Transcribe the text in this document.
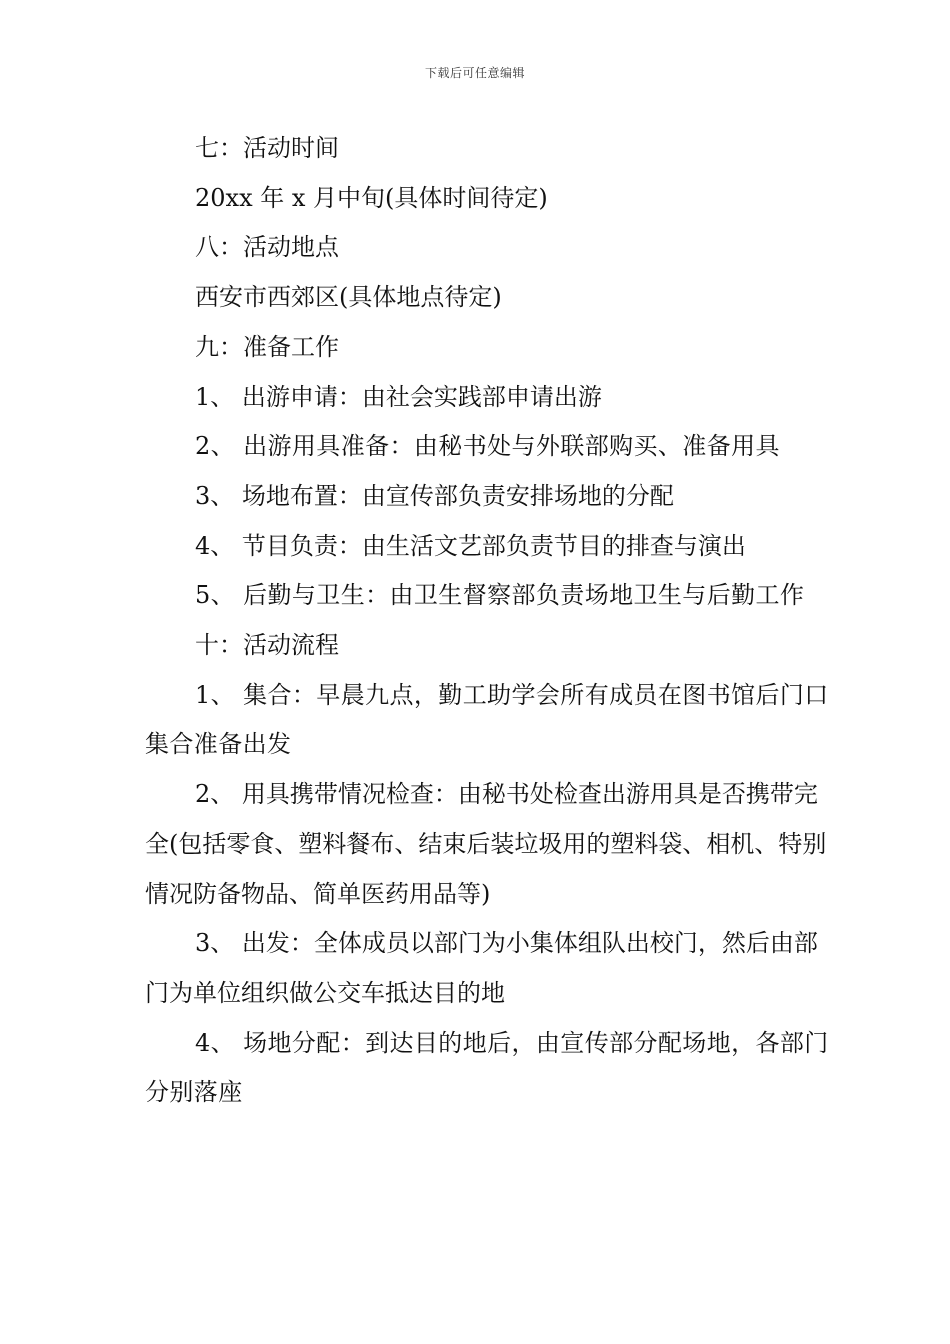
下载后可任意编辑

七：活动时间

20xx 年 x 月中旬(具体时间待定)

八：活动地点

西安市西郊区(具体地点待定)

九：准备工作

1、 出游申请：由社会实践部申请出游

2、 出游用具准备：由秘书处与外联部购买、准备用具

3、 场地布置：由宣传部负责安排场地的分配

4、 节目负责：由生活文艺部负责节目的排查与演出

5、 后勤与卫生：由卫生督察部负责场地卫生与后勤工作

十：活动流程

1、 集合：早晨九点，勤工助学会所有成员在图书馆后门口集合准备出发

2、 用具携带情况检查：由秘书处检查出游用具是否携带完全(包括零食、塑料餐布、结束后装垃圾用的塑料袋、相机、特别情况防备物品、简单医药用品等)

3、 出发：全体成员以部门为小集体组队出校门，然后由部门为单位组织做公交车抵达目的地

4、 场地分配：到达目的地后，由宣传部分配场地，各部门分别落座
